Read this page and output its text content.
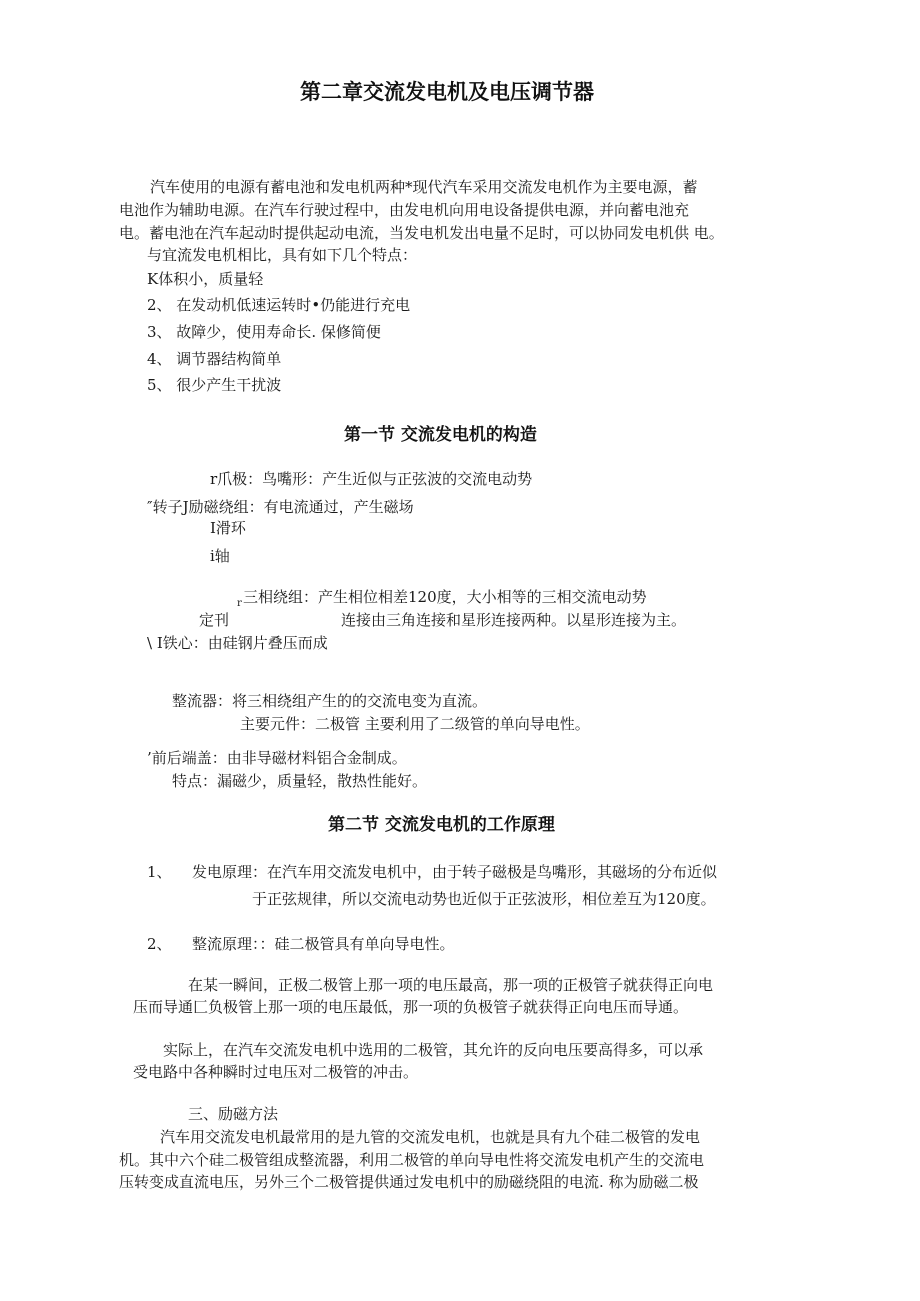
第二章交流发电机及电压调节器
汽车使用的电源有蓄电池和发电机两种*现代汽车采用交流发电机作为主要电源，蓄
电池作为辅助电源。在汽车行驶过程中，由发电机向用电设备提供电源，并向蓄电池充
电。蓄电池在汽车起动时提供起动电流，当发电机发出电量不足时，可以协同发电机供 电。
与宜流发电机相比，具有如下几个特点：
K体积小，质量轻
2、 在发动机低速运转时•仍能进行充电
3、 故障少，使用寿命长. 保修简便
4、 调节器结构简单
5、 很少产生干扰波
第一节 交流发电机的构造
r爪极：鸟嘴形：产生近似与正弦波的交流电动势
″转子J励磁绕组：有电流通过，产生磁场
I滑环
i轴
r 三相绕组：产生相位相差120度，大小相等的三相交流电动势
定刊	连接由三角连接和星形连接两种。以星形连接为主。
\ I铁心：由硅钢片叠压而成
整流器：将三相绕组产生的的交流电变为直流。
主要元件：二极管 主要利用了二级管的单向导电性。
’前后端盖：由非导磁材料铝合金制成。
特点：漏磁少，质量轻，散热性能好。
第二节 交流发电机的工作原理
1、 发电原理：在汽车用交流发电机中，由于转子磁极是鸟嘴形，其磁场的分布近似
于正弦规律，所以交流电动势也近似于正弦波形，相位差互为120度。
2、 整流原理：：硅二极管具有单向导电性。
在某一瞬间，正极二极管上那一项的电压最高，那一项的正极管子就获得正向电
压而导通匚负极管上那一项的电压最低，那一项的负极管子就获得正向电压而导通。
实际上，在汽车交流发电机中选用的二极管，其允许的反向电压要高得多，可以承
受电路中各种瞬时过电压对二极管的冲击。
三、励磁方法
汽车用交流发电机最常用的是九管的交流发电机，也就是具有九个硅二极管的发电
机。其中六个硅二极管组成整流器，利用二极管的单向导电性将交流发电机产生的交流电
压转变成直流电压，另外三个二极管提供通过发电机中的励磁绕阻的电流. 称为励磁二极
